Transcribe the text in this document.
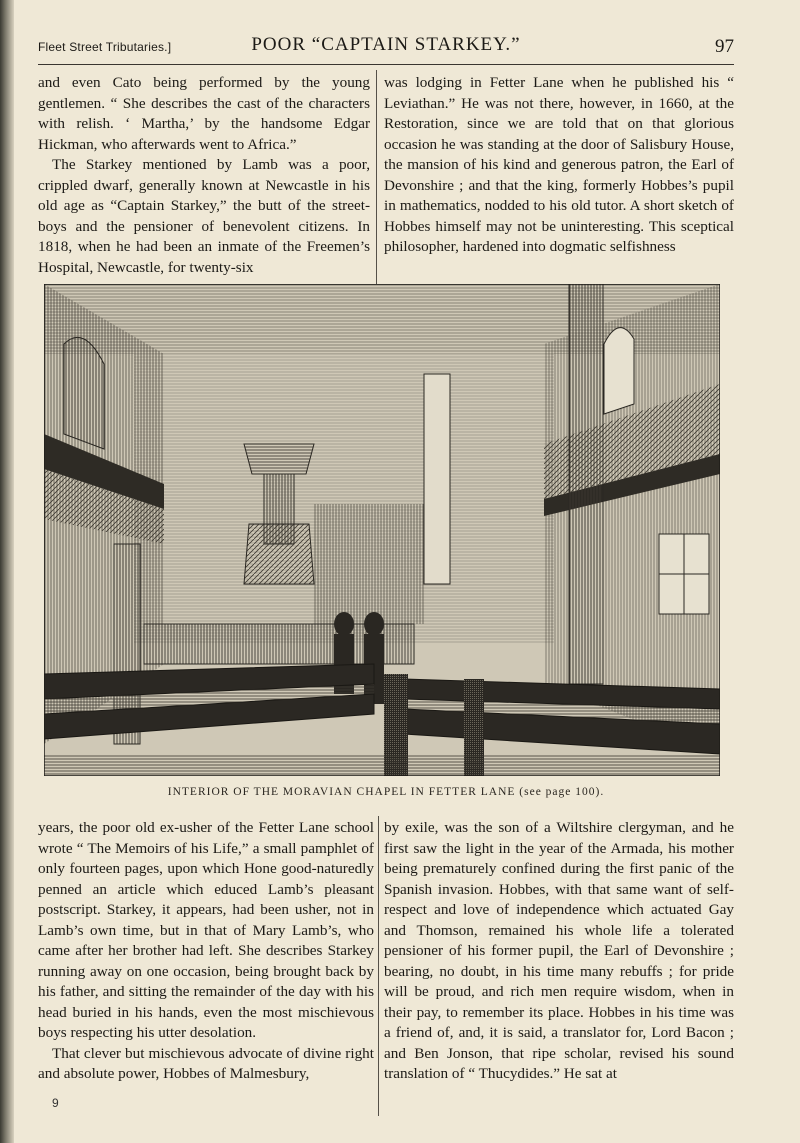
Fleet Street Tributaries.]	POOR “CAPTAIN STARKEY.”	97

and even Cato being performed by the young gentlemen. “ She describes the cast of the characters with relish. ‘ Martha,’ by the handsome Edgar Hickman, who afterwards went to Africa.”

The Starkey mentioned by Lamb was a poor, crippled dwarf, generally known at Newcastle in his old age as “Captain Starkey,” the butt of the street-boys and the pensioner of benevolent citizens. In 1818, when he had been an inmate of the Freemen’s Hospital, Newcastle, for twenty-six

was lodging in Fetter Lane when he published his “ Leviathan.” He was not there, however, in 1660, at the Restoration, since we are told that on that glorious occasion he was standing at the door of Salisbury House, the mansion of his kind and generous patron, the Earl of Devonshire ; and that the king, formerly Hobbes’s pupil in mathematics, nodded to his old tutor. A short sketch of Hobbes himself may not be uninteresting. This sceptical philosopher, hardened into dogmatic selfishness

INTERIOR OF THE MORAVIAN CHAPEL IN FETTER LANE (see page 100).

years, the poor old ex-usher of the Fetter Lane school wrote “ The Memoirs of his Life,” a small pamphlet of only fourteen pages, upon which Hone good-naturedly penned an article which educed Lamb’s pleasant postscript. Starkey, it appears, had been usher, not in Lamb’s own time, but in that of Mary Lamb’s, who came after her brother had left. She describes Starkey running away on one occasion, being brought back by his father, and sitting the remainder of the day with his head buried in his hands, even the most mischievous boys respecting his utter desolation.

That clever but mischievous advocate of divine right and absolute power, Hobbes of Malmesbury,

by exile, was the son of a Wiltshire clergyman, and he first saw the light in the year of the Armada, his mother being prematurely confined during the first panic of the Spanish invasion. Hobbes, with that same want of self-respect and love of independence which actuated Gay and Thomson, remained his whole life a tolerated pensioner of his former pupil, the Earl of Devonshire ; bearing, no doubt, in his time many rebuffs ; for pride will be proud, and rich men require wisdom, when in their pay, to remember its place. Hobbes in his time was a friend of, and, it is said, a translator for, Lord Bacon ; and Ben Jonson, that ripe scholar, revised his sound translation of “ Thucydides.” He sat at

9
